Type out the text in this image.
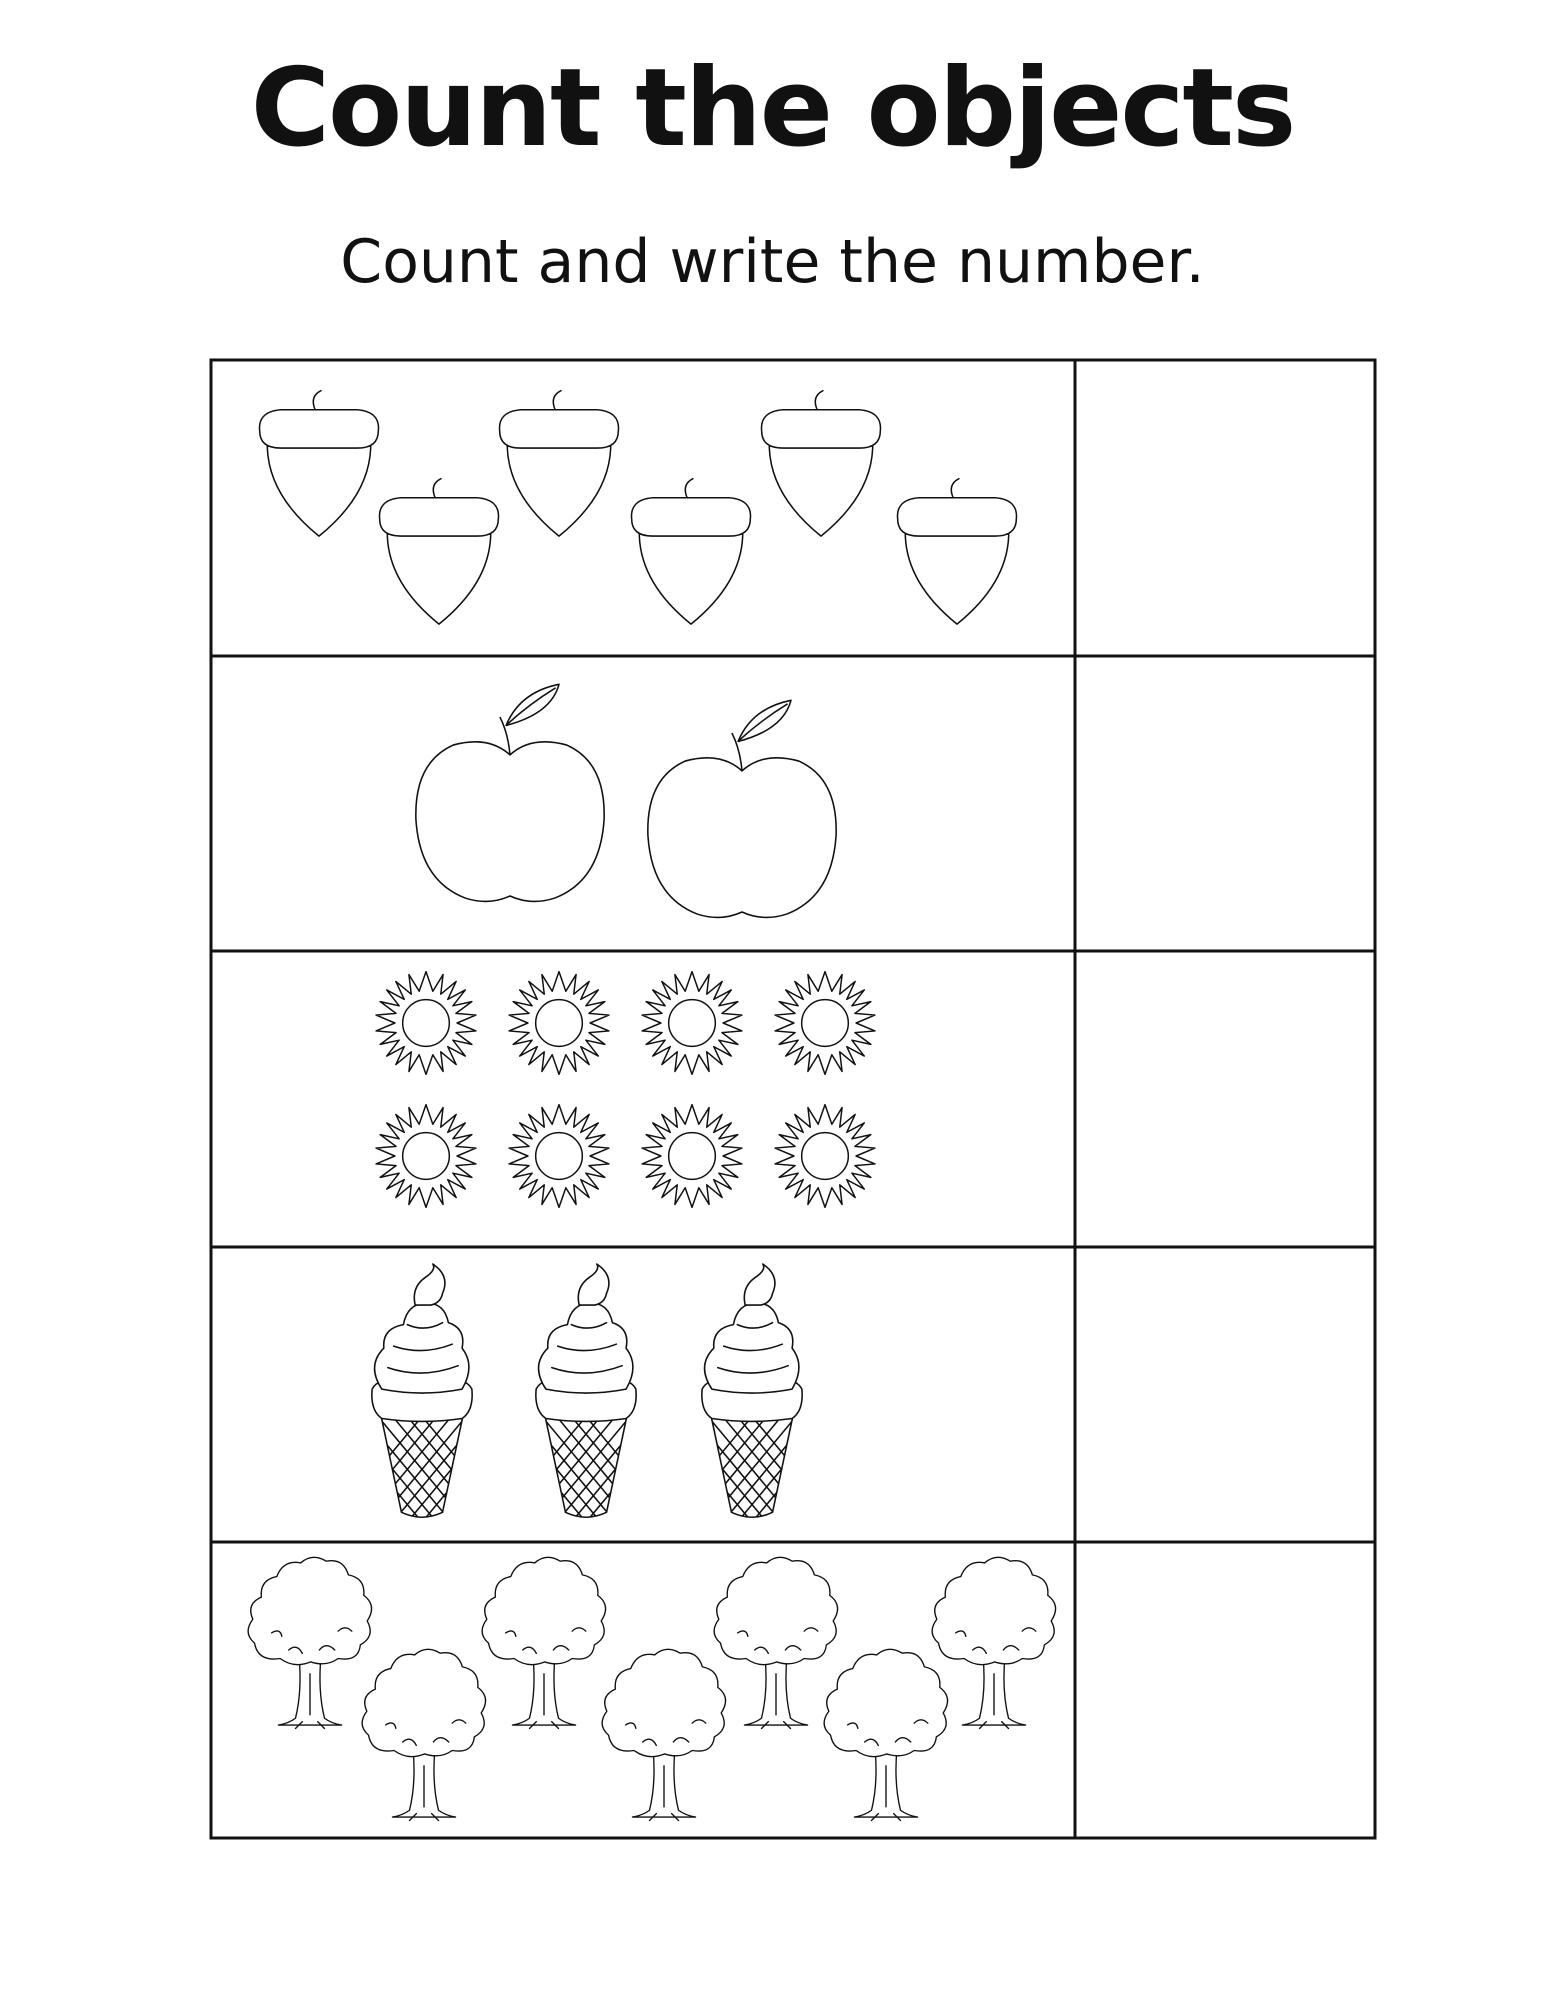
Count the objects
Count and write the number.
